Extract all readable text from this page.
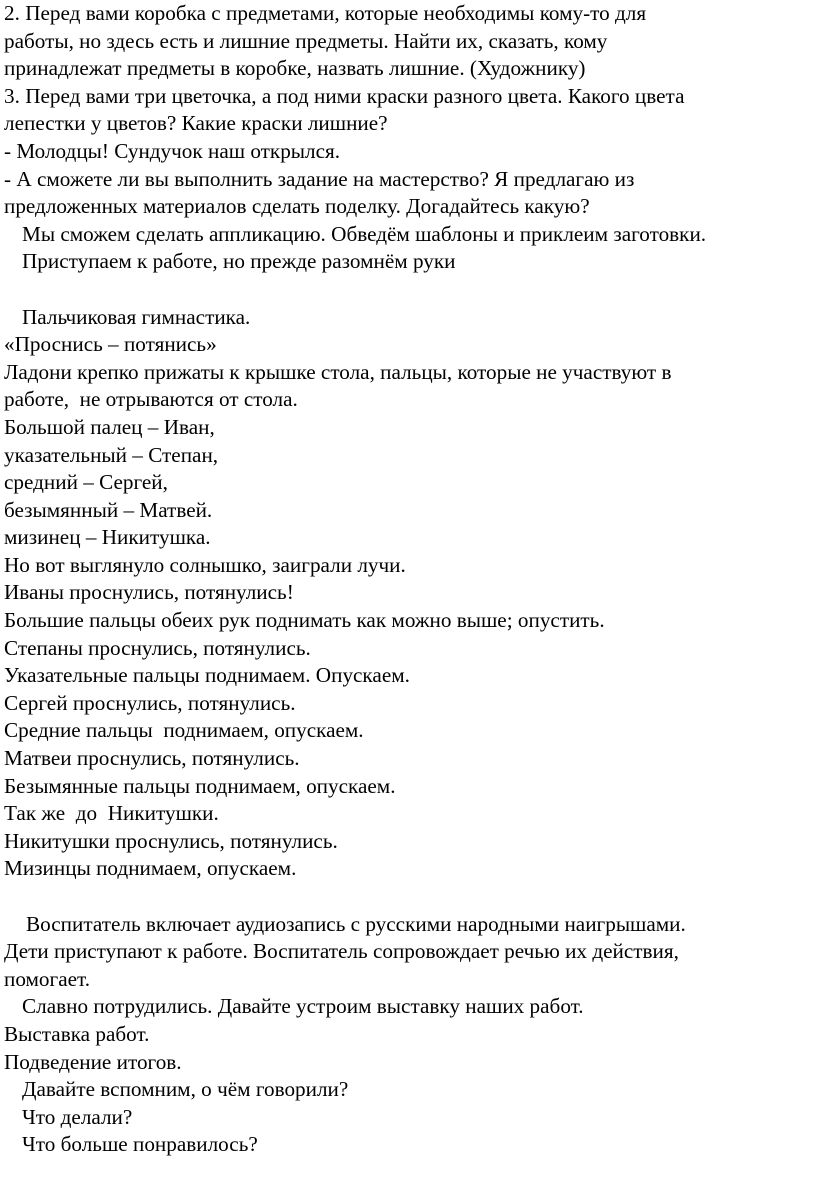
2. Перед вами коробка с предметами, которые необходимы кому-то для
работы, но здесь есть и лишние предметы. Найти их, сказать, кому
принадлежат предметы в коробке, назвать лишние. (Художнику)
3. Перед вами три цветочка, а под ними краски разного цвета. Какого цвета
лепестки у цветов? Какие краски лишние?
- Молодцы! Сундучок наш открылся.
- А сможете ли вы выполнить задание на мастерство? Я предлагаю из
предложенных материалов сделать поделку. Догадайтесь какую?
Мы сможем сделать аппликацию. Обведём шаблоны и приклеим заготовки.
Приступаем к работе, но прежде разомнём руки
Пальчиковая гимнастика.
«Проснись – потянись»
Ладони крепко прижаты к крышке стола, пальцы, которые не участвуют в
работе,  не отрываются от стола.
Большой палец – Иван,
указательный – Степан,
средний – Сергей,
безымянный – Матвей.
мизинец – Никитушка.
Но вот выглянуло солнышко, заиграли лучи.
Иваны проснулись, потянулись!
Большие пальцы обеих рук поднимать как можно выше; опустить.
Степаны проснулись, потянулись.
Указательные пальцы поднимаем. Опускаем.
Сергей проснулись, потянулись.
Средние пальцы  поднимаем, опускаем.
Матвеи проснулись, потянулись.
Безымянные пальцы поднимаем, опускаем.
Так же  до  Никитушки.
Никитушки проснулись, потянулись.
Мизинцы поднимаем, опускаем.
Воспитатель включает аудиозапись с русскими народными наигрышами.
Дети приступают к работе. Воспитатель сопровождает речью их действия,
помогает.
Славно потрудились. Давайте устроим выставку наших работ.
Выставка работ.
Подведение итогов.
Давайте вспомним, о чём говорили?
Что делали?
Что больше понравилось?
